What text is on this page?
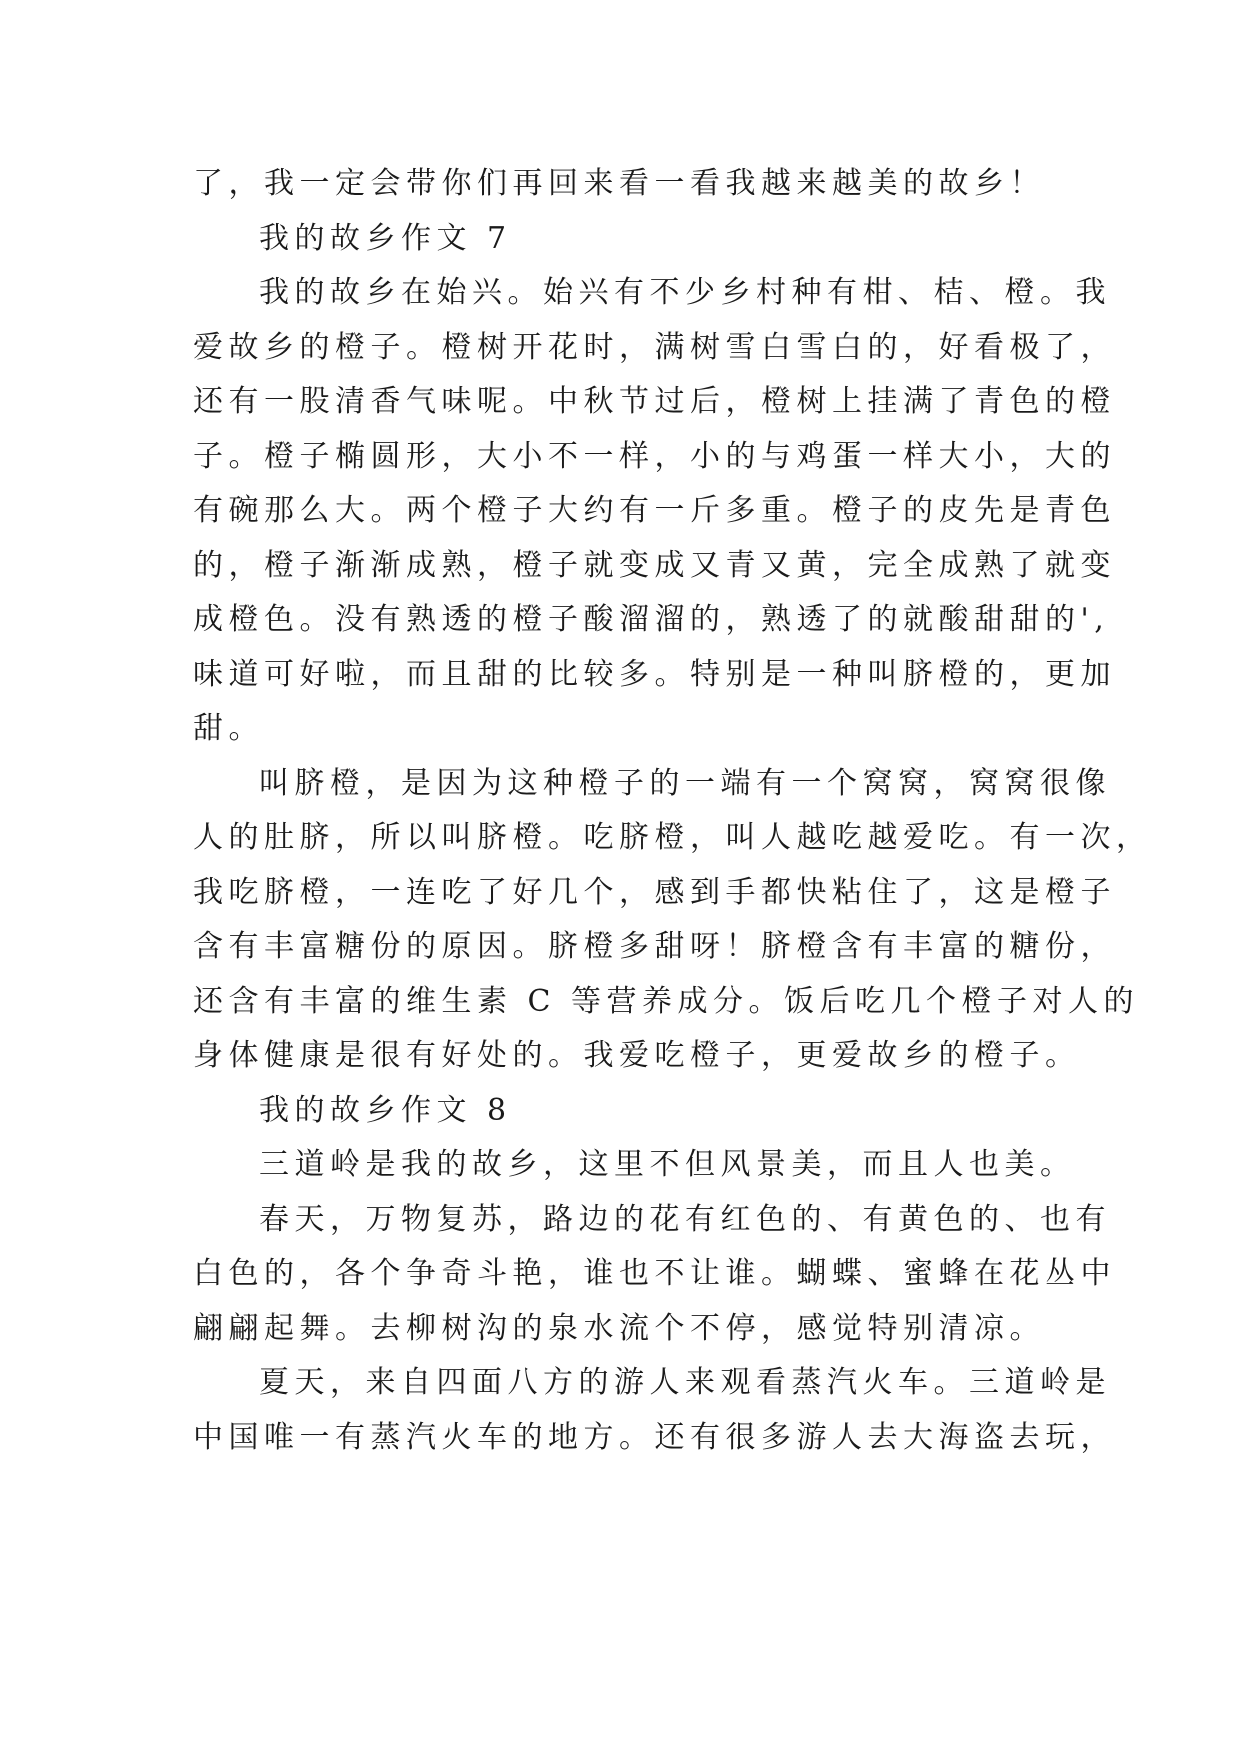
了，我一定会带你们再回来看一看我越来越美的故乡！
我的故乡作文 7
我的故乡在始兴。始兴有不少乡村种有柑、桔、橙。我
爱故乡的橙子。橙树开花时，满树雪白雪白的，好看极了，
还有一股清香气味呢。中秋节过后，橙树上挂满了青色的橙
子。橙子椭圆形，大小不一样，小的与鸡蛋一样大小，大的
有碗那么大。两个橙子大约有一斤多重。橙子的皮先是青色
的，橙子渐渐成熟，橙子就变成又青又黄，完全成熟了就变
成橙色。没有熟透的橙子酸溜溜的，熟透了的就酸甜甜的',
味道可好啦，而且甜的比较多。特别是一种叫脐橙的，更加
甜。
叫脐橙，是因为这种橙子的一端有一个窝窝，窝窝很像
人的肚脐，所以叫脐橙。吃脐橙，叫人越吃越爱吃。有一次，
我吃脐橙，一连吃了好几个，感到手都快粘住了，这是橙子
含有丰富糖份的原因。脐橙多甜呀！脐橙含有丰富的糖份，
还含有丰富的维生素 C 等营养成分。饭后吃几个橙子对人的
身体健康是很有好处的。我爱吃橙子，更爱故乡的橙子。
我的故乡作文 8
三道岭是我的故乡，这里不但风景美，而且人也美。
春天，万物复苏，路边的花有红色的、有黄色的、也有
白色的，各个争奇斗艳，谁也不让谁。蝴蝶、蜜蜂在花丛中
翩翩起舞。去柳树沟的泉水流个不停，感觉特别清凉。
夏天，来自四面八方的游人来观看蒸汽火车。三道岭是
中国唯一有蒸汽火车的地方。还有很多游人去大海盗去玩，
